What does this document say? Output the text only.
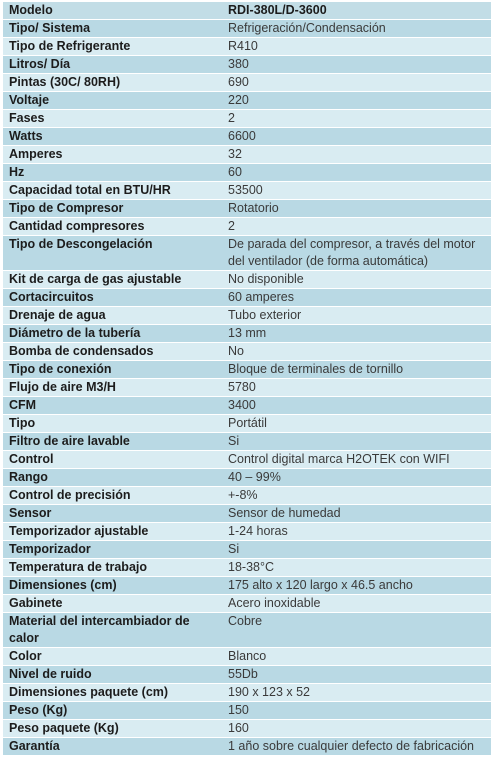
Modelo	RDI-380L/D-3600
Tipo/ Sistema	Refrigeración/Condensación
Tipo de Refrigerante	R410
Litros/ Día	380
Pintas (30C/ 80RH)	690
Voltaje	220
Fases	2
Watts	6600
Amperes	32
Hz	60
Capacidad total en BTU/HR	53500
Tipo de Compresor	Rotatorio
Cantidad compresores	2
Tipo de Descongelación	De parada del compresor, a través del motor del ventilador (de forma automática)
Kit de carga de gas ajustable	No disponible
Cortacircuitos	60 amperes
Drenaje de agua	Tubo exterior
Diámetro de la tubería	13 mm
Bomba de condensados	No
Tipo de conexión	Bloque de terminales de tornillo
Flujo de aire M3/H	5780
CFM	3400
Tipo	Portátil
Filtro de aire lavable	Si
Control	Control digital marca H2OTEK con WIFI
Rango	40 – 99%
Control de precisión	+-8%
Sensor	Sensor de humedad
Temporizador ajustable	1-24 horas
Temporizador	Si
Temperatura de trabajo	18-38°C
Dimensiones (cm)	175 alto x 120 largo x 46.5 ancho
Gabinete	Acero inoxidable
Material del intercambiador de calor	Cobre
Color	Blanco
Nivel de ruido	55Db
Dimensiones paquete (cm)	190 x 123 x 52
Peso (Kg)	150
Peso paquete (Kg)	160
Garantía	1 año sobre cualquier defecto de fabricación
